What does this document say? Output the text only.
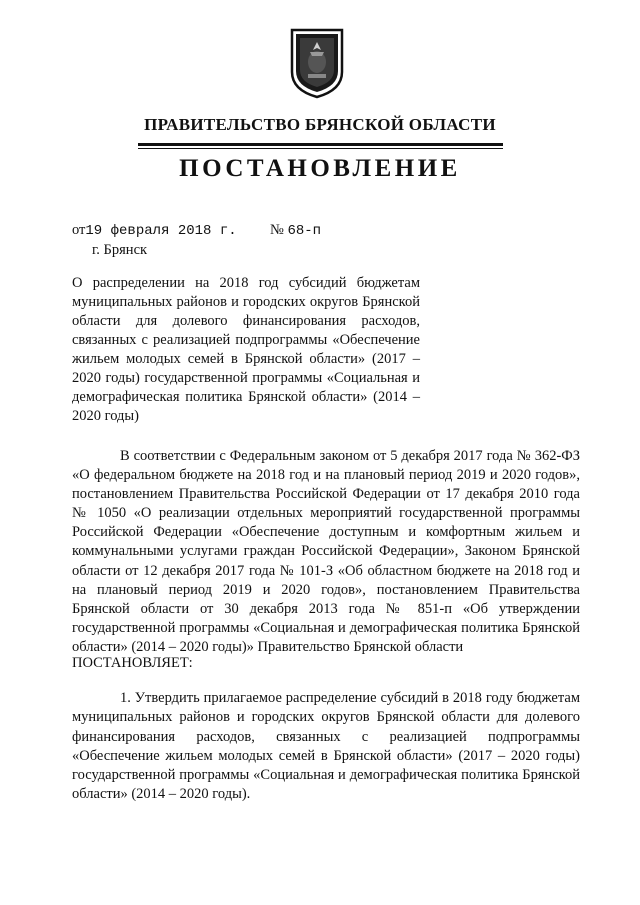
ПРАВИТЕЛЬСТВО БРЯНСКОЙ ОБЛАСТИ
ПОСТАНОВЛЕНИЕ
от19 февраля 2018 г. № 68-п
г. Брянск
О распределении на 2018 год субсидий бюджетам муниципальных районов и городских округов Брянской области для долевого финансирования расходов, связанных с реализацией подпрограммы «Обеспечение жильем молодых семей в Брянской области» (2017 – 2020 годы) государственной программы «Социальная и демографическая политика Брянской области» (2014 – 2020 годы)
В соответствии с Федеральным законом от 5 декабря 2017 года № 362-ФЗ «О федеральном бюджете на 2018 год и на плановый период 2019 и 2020 годов», постановлением Правительства Российской Федерации от 17 декабря 2010 года № 1050 «О реализации отдельных мероприятий государственной программы Российской Федерации «Обеспечение доступным и комфортным жильем и коммунальными услугами граждан Российской Федерации», Законом Брянской области от 12 декабря 2017 года № 101-З «Об областном бюджете на 2018 год и на плановый период 2019 и 2020 годов», постановлением Правительства Брянской области от 30 декабря 2013 года № 851-п «Об утверждении государственной программы «Социальная и демографическая политика Брянской области» (2014 – 2020 годы)» Правительство Брянской области
ПОСТАНОВЛЯЕТ:
1. Утвердить прилагаемое распределение субсидий в 2018 году бюджетам муниципальных районов и городских округов Брянской области для долевого финансирования расходов, связанных с реализацией подпрограммы «Обеспечение жильем молодых семей в Брянской области» (2017 – 2020 годы) государственной программы «Социальная и демографическая политика Брянской области» (2014 – 2020 годы).
